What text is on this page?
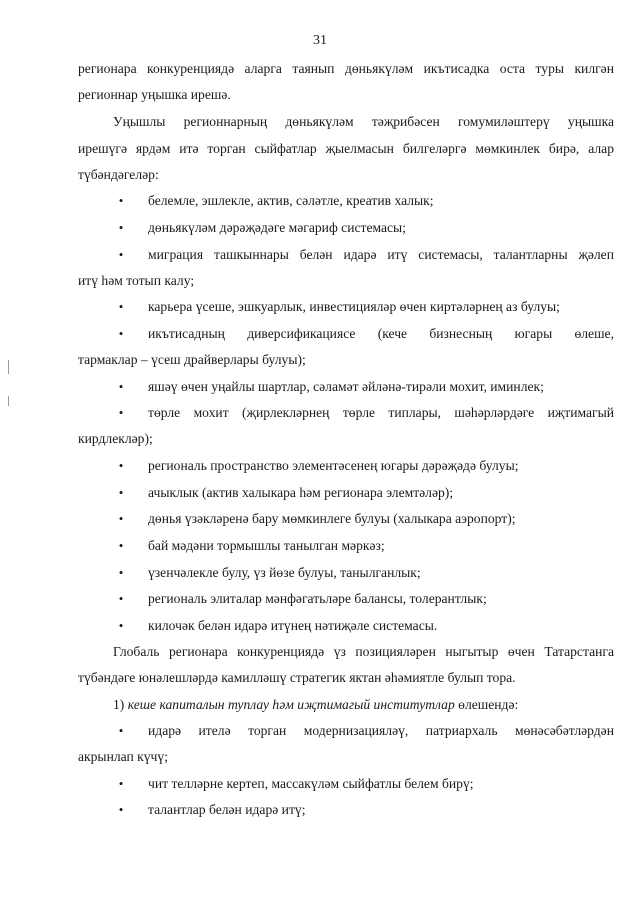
31
регионара конкуренциядә аларга таянып дөньякүләм икътисадка оста туры килгән
регионнар уңышка ирешә.
Уңышлы регионнарның дөньякүләм тәҗрибәсен гомумиләштерү уңышка
ирешүгә ярдәм итә торган сыйфатлар җыелмасын билгеләргә мөмкинлек бирә, алар
түбәндәгеләр:
• белемле, эшлекле, актив, сәләтле, креатив халык;
• дөньякүләм дәрәҗәдәге мәгариф системасы;
• миграция ташкыннары белән идарә итү системасы, талантларны җәлеп
итү һәм тотып калу;
• карьера үсеше, эшкуарлык, инвестицияләр өчен киртәләрнең аз булуы;
• икътисадның диверсификациясе (кече бизнесның югары өлеше,
тармаклар – үсеш драйверлары булуы);
• яшәү өчен уңайлы шартлар, сәламәт әйләнә-тирәли мохит, иминлек;
• төрле мохит (җирлекләрнең төрле типлары, шәһәрләрдәге иҗтимагый
кирдлекләр);
• региональ пространство элементәсенең югары дәрәҗәдә булуы;
• ачыклык (актив халыкара һәм регионара элемтәләр);
• дөнья үзәкләренә бару мөмкинлеге булуы (халыкара аэропорт);
• бай мәдәни тормышлы танылган мәркәз;
• үзенчәлекле булу, үз йөзе булуы, танылганлык;
• региональ элиталар мәнфәгатьләре балансы, толерантлык;
• килочәк белән идарә итүнең нәтиҗәле системасы.
Глобаль регионара конкуренциядә үз позицияләрен ныгытыр өчен Татарстанга
түбәндәге юнәлешләрдә камилләшү стратегик яктан әһәмиятле булып тора.
1) кеше капиталын туплау һәм иҗтимагый институтлар өлешендә:
• идарә ителә торган модернизацияләү, патриархаль мөнәсәбәтләрдән
акрынлап күчү;
• чит телләрне кертеп, массакүләм сыйфатлы белем бирү;
• талантлар белән идарә итү;
